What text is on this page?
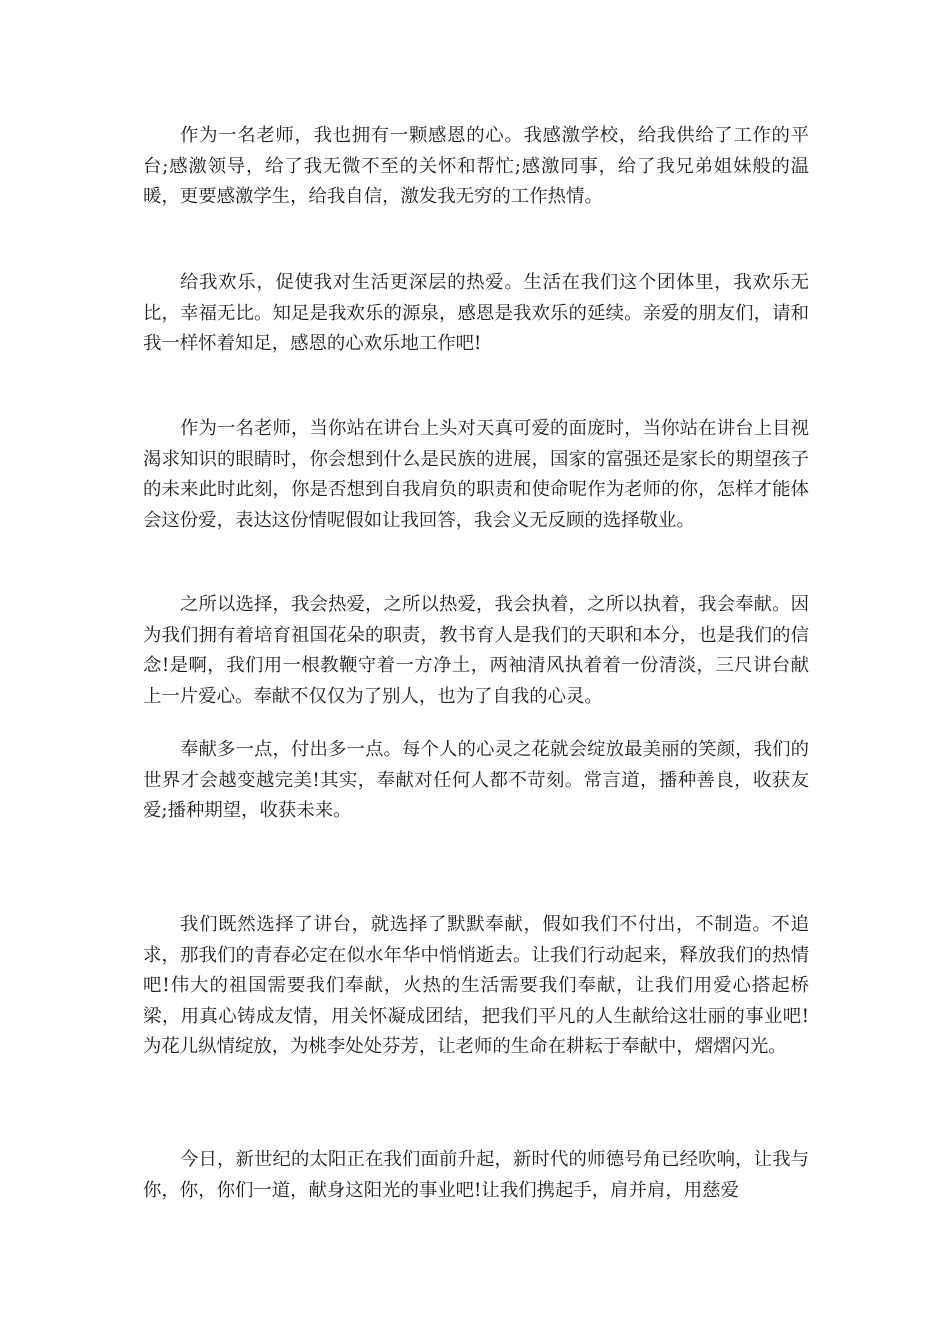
作为一名老师，我也拥有一颗感恩的心。我感激学校，给我供给了工作的平台;感激领导，给了我无微不至的关怀和帮忙;感激同事，给了我兄弟姐妹般的温暖，更要感激学生，给我自信，激发我无穷的工作热情。

给我欢乐，促使我对生活更深层的热爱。生活在我们这个团体里，我欢乐无比，幸福无比。知足是我欢乐的源泉，感恩是我欢乐的延续。亲爱的朋友们，请和我一样怀着知足，感恩的心欢乐地工作吧!

作为一名老师，当你站在讲台上头对天真可爱的面庞时，当你站在讲台上目视渴求知识的眼睛时，你会想到什么是民族的进展，国家的富强还是家长的期望孩子的未来此时此刻，你是否想到自我肩负的职责和使命呢作为老师的你，怎样才能体会这份爱，表达这份情呢假如让我回答，我会义无反顾的选择敬业。

之所以选择，我会热爱，之所以热爱，我会执着，之所以执着，我会奉献。因为我们拥有着培育祖国花朵的职责，教书育人是我们的天职和本分，也是我们的信念!是啊，我们用一根教鞭守着一方净土，两袖清风执着着一份清淡，三尺讲台献上一片爱心。奉献不仅仅为了别人，也为了自我的心灵。

奉献多一点，付出多一点。每个人的心灵之花就会绽放最美丽的笑颜，我们的世界才会越变越完美!其实，奉献对任何人都不苛刻。常言道，播种善良，收获友爱;播种期望，收获未来。

我们既然选择了讲台，就选择了默默奉献，假如我们不付出，不制造。不追求，那我们的青春必定在似水年华中悄悄逝去。让我们行动起来，释放我们的热情吧!伟大的祖国需要我们奉献，火热的生活需要我们奉献，让我们用爱心搭起桥梁，用真心铸成友情，用关怀凝成团结，把我们平凡的人生献给这壮丽的事业吧!为花儿纵情绽放，为桃李处处芬芳，让老师的生命在耕耘于奉献中，熠熠闪光。

今日，新世纪的太阳正在我们面前升起，新时代的师德号角已经吹响，让我与你，你，你们一道，献身这阳光的事业吧!让我们携起手，肩并肩，用慈爱
